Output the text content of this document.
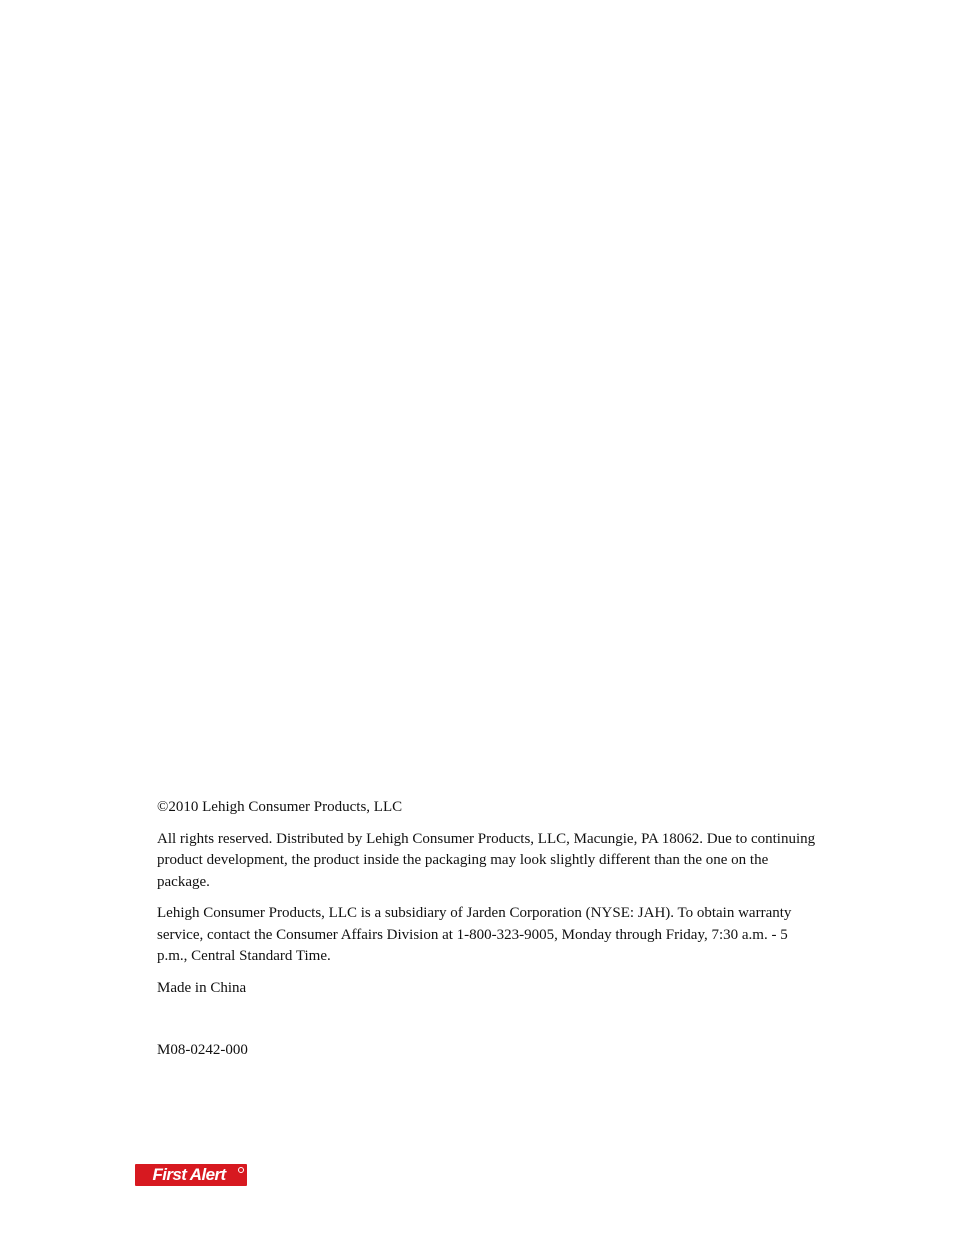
©2010 Lehigh Consumer Products, LLC

All rights reserved. Distributed by Lehigh Consumer Products, LLC, Macungie, PA 18062. Due to continuing product development, the product inside the packaging may look slightly different than the one on the package.

Lehigh Consumer Products, LLC is a subsidiary of Jarden Corporation (NYSE: JAH). To obtain warranty service, contact the Consumer Affairs Division at 1-800-323-9005, Monday through Friday, 7:30 a.m. - 5 p.m., Central Standard Time.

Made in China

M08-0242-000
First Alert
